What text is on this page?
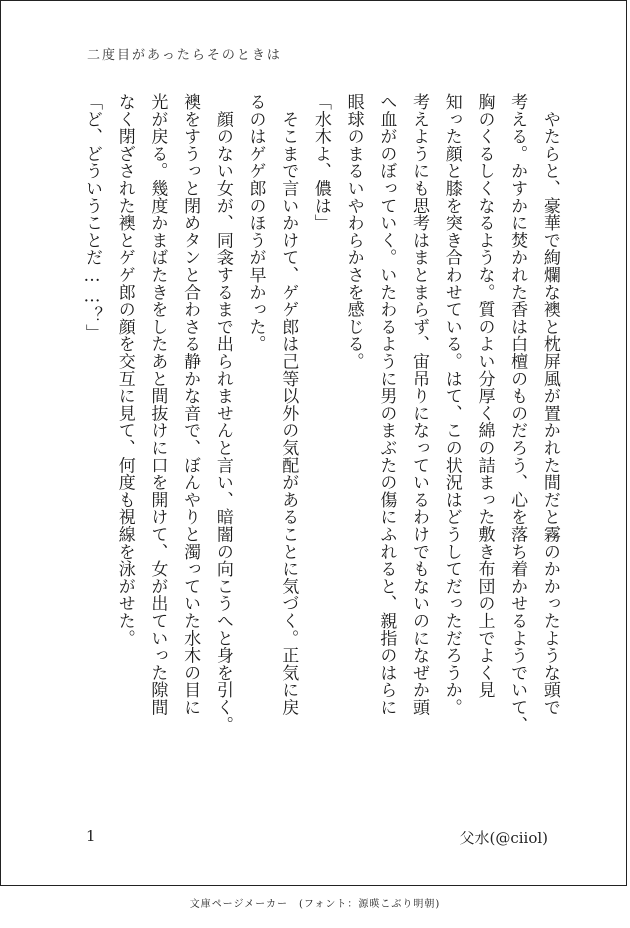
二度目があったらそのときは
　やたらと、豪華で絢爛な襖と枕屏風が置かれた間だと霧のかかったような頭で
考える。かすかに焚かれた香は白檀のものだろう、心を落ち着かせるようでいて、
胸のくるしくなるような。質のよい分厚く綿の詰まった敷き布団の上でよく見
知った顔と膝を突き合わせている。はて、この状況はどうしてだっただろうか。
考えようにも思考はまとまらず、宙吊りになっているわけでもないのになぜか頭
へ血がのぼっていく。いたわるように男のまぶたの傷にふれると、親指のはらに
眼球のまるいやわらかさを感じる。
「水木よ、儂は」
　そこまで言いかけて、ゲゲ郎は己等以外の気配があることに気づく。正気に戻
るのはゲゲ郎のほうが早かった。
　顔のない女が、同衾するまで出られませんと言い、暗闇の向こうへと身を引く。
襖をすうっと閉めタンと合わさる静かな音で、ぼんやりと濁っていた水木の目に
光が戻る。幾度かまばたきをしたあと間抜けに口を開けて、女が出ていった隙間
なく閉ざされた襖とゲゲ郎の顔を交互に見て、何度も視線を泳がせた。
「ど、どういうことだ……？」
1	父水(@ciiol)
文庫ページメーカー　(フォント：源暎こぶり明朝)
